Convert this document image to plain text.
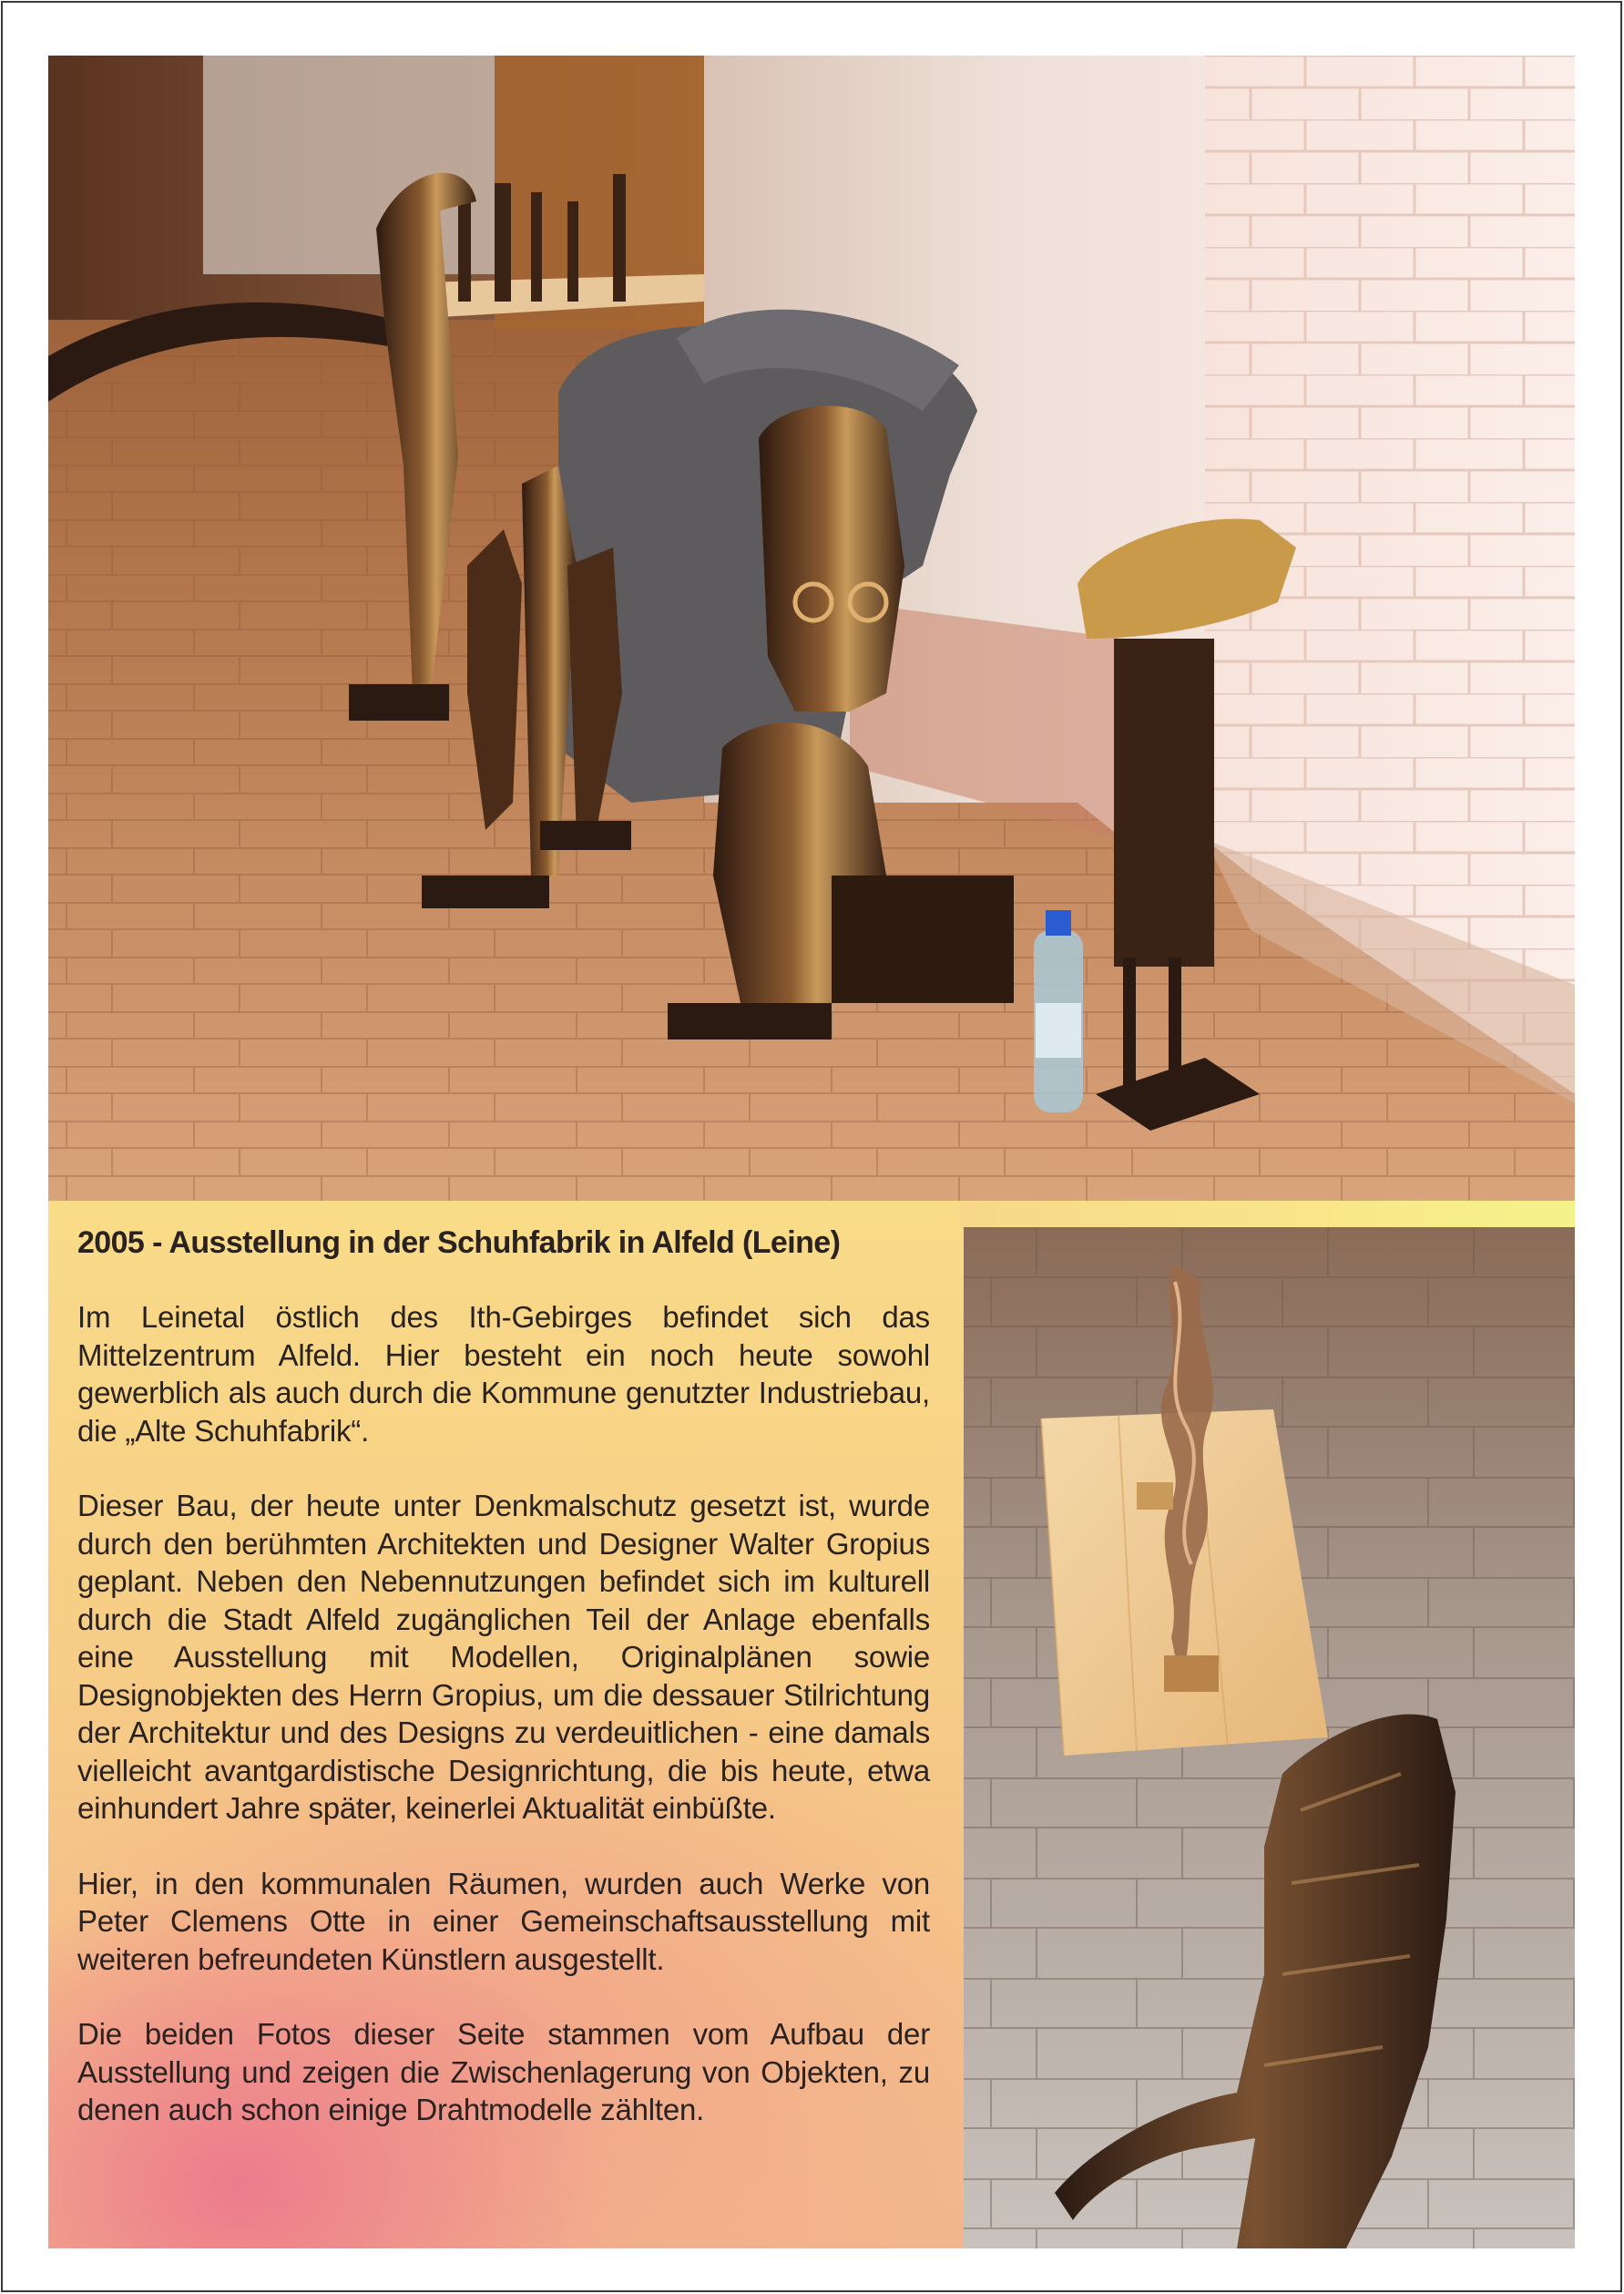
2005 - Ausstellung in der Schuhfabrik in Alfeld (Leine)

Im Leinetal östlich des Ith-Gebirges befindet sich das Mittelzentrum Alfeld. Hier besteht ein noch heute sowohl gewerblich als auch durch die Kommune genutzter Industriebau, die „Alte Schuhfabrik“.

Dieser Bau, der heute unter Denkmalschutz gesetzt ist, wurde durch den berühmten Architekten und Designer Walter Gropius geplant. Neben den Nebennutzungen befindet sich im kulturell durch die Stadt Alfeld zugänglichen Teil der Anlage ebenfalls eine Ausstellung mit Modellen, Originalplänen sowie Designobjekten des Herrn Gropius, um die dessauer Stilrichtung der Architektur und des Designs zu verdeuitlichen - eine damals vielleicht avantgardistische Designrichtung, die bis heute, etwa einhundert Jahre später, keinerlei Aktualität einbüßte.

Hier, in den kommunalen Räumen, wurden auch Werke von Peter Clemens Otte in einer Gemeinschaftsausstellung mit weiteren befreundeten Künstlern ausgestellt.

Die beiden Fotos dieser Seite stammen vom Aufbau der Ausstellung und zeigen die Zwischenlagerung von Objekten, zu denen auch schon einige Drahtmodelle zählten.
